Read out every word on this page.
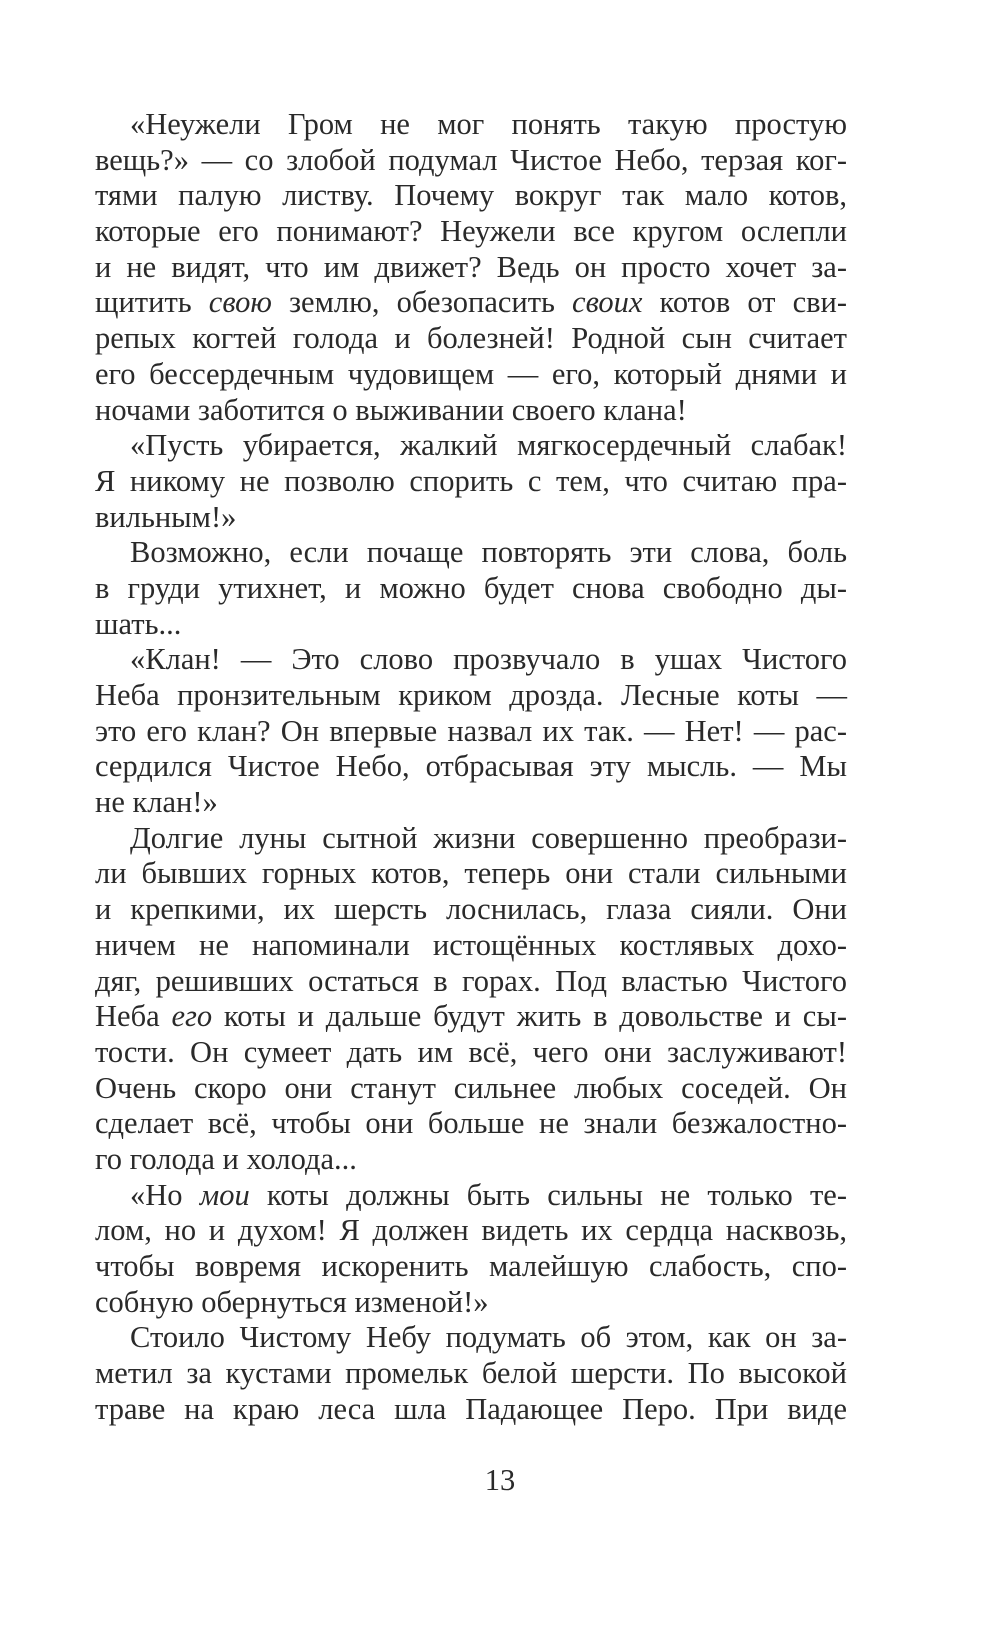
«Неужели Гром не мог понять такую простую
вещь?» — со злобой подумал Чистое Небо, терзая ког-
тями палую листву. Почему вокруг так мало котов,
которые его понимают? Неужели все кругом ослепли
и не видят, что им движет? Ведь он просто хочет за-
щитить свою землю, обезопасить своих котов от сви-
репых когтей голода и болезней! Родной сын считает
его бессердечным чудовищем — его, который днями и
ночами заботится о выживании своего клана!
«Пусть убирается, жалкий мягкосердечный слабак!
Я никому не позволю спорить с тем, что считаю пра-
вильным!»
Возможно, если почаще повторять эти слова, боль
в груди утихнет, и можно будет снова свободно ды-
шать...
«Клан! — Это слово прозвучало в ушах Чистого
Неба пронзительным криком дрозда. Лесные коты —
это его клан? Он впервые назвал их так. — Нет! — рас-
сердился Чистое Небо, отбрасывая эту мысль. — Мы
не клан!»
Долгие луны сытной жизни совершенно преобрази-
ли бывших горных котов, теперь они стали сильными
и крепкими, их шерсть лоснилась, глаза сияли. Они
ничем не напоминали истощённых костлявых дохо-
дяг, решивших остаться в горах. Под властью Чистого
Неба его коты и дальше будут жить в довольстве и сы-
тости. Он сумеет дать им всё, чего они заслуживают!
Очень скоро они станут сильнее любых соседей. Он
сделает всё, чтобы они больше не знали безжалостно-
го голода и холода...
«Но мои коты должны быть сильны не только те-
лом, но и духом! Я должен видеть их сердца насквозь,
чтобы вовремя искоренить малейшую слабость, спо-
собную обернуться изменой!»
Стоило Чистому Небу подумать об этом, как он за-
метил за кустами промельк белой шерсти. По высокой
траве на краю леса шла Падающее Перо. При виде
13
